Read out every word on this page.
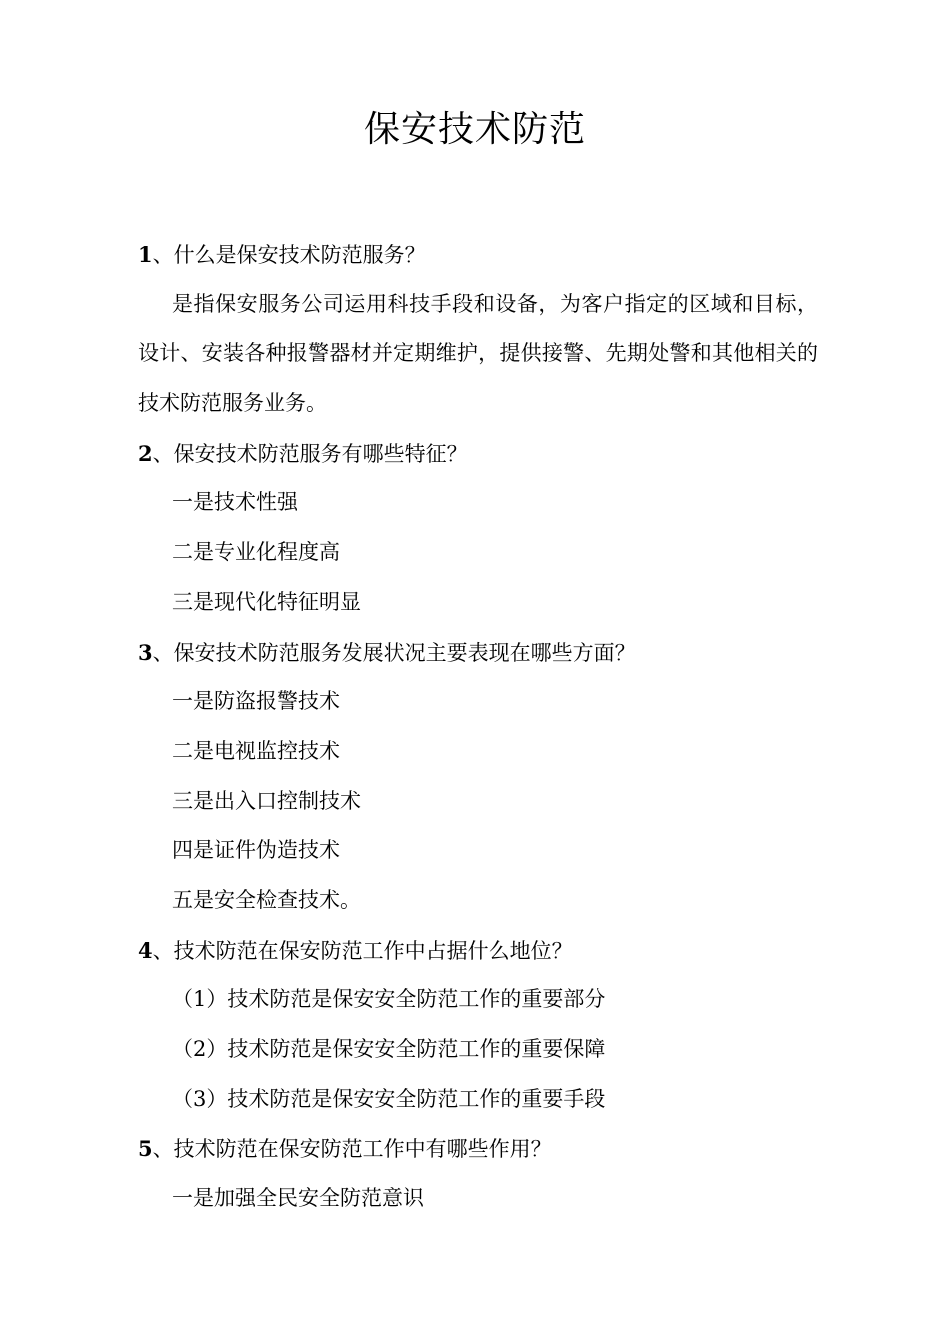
保安技术防范
1、什么是保安技术防范服务？
是指保安服务公司运用科技手段和设备，为客户指定的区域和目标，设计、安装各种报警器材并定期维护，提供接警、先期处警和其他相关的技术防范服务业务。
2、保安技术防范服务有哪些特征？
一是技术性强
二是专业化程度高
三是现代化特征明显
3、保安技术防范服务发展状况主要表现在哪些方面？
一是防盗报警技术
二是电视监控技术
三是出入口控制技术
四是证件伪造技术
五是安全检查技术。
4、技术防范在保安防范工作中占据什么地位？
（1）技术防范是保安安全防范工作的重要部分
（2）技术防范是保安安全防范工作的重要保障
（3）技术防范是保安安全防范工作的重要手段
5、技术防范在保安防范工作中有哪些作用？
一是加强全民安全防范意识
